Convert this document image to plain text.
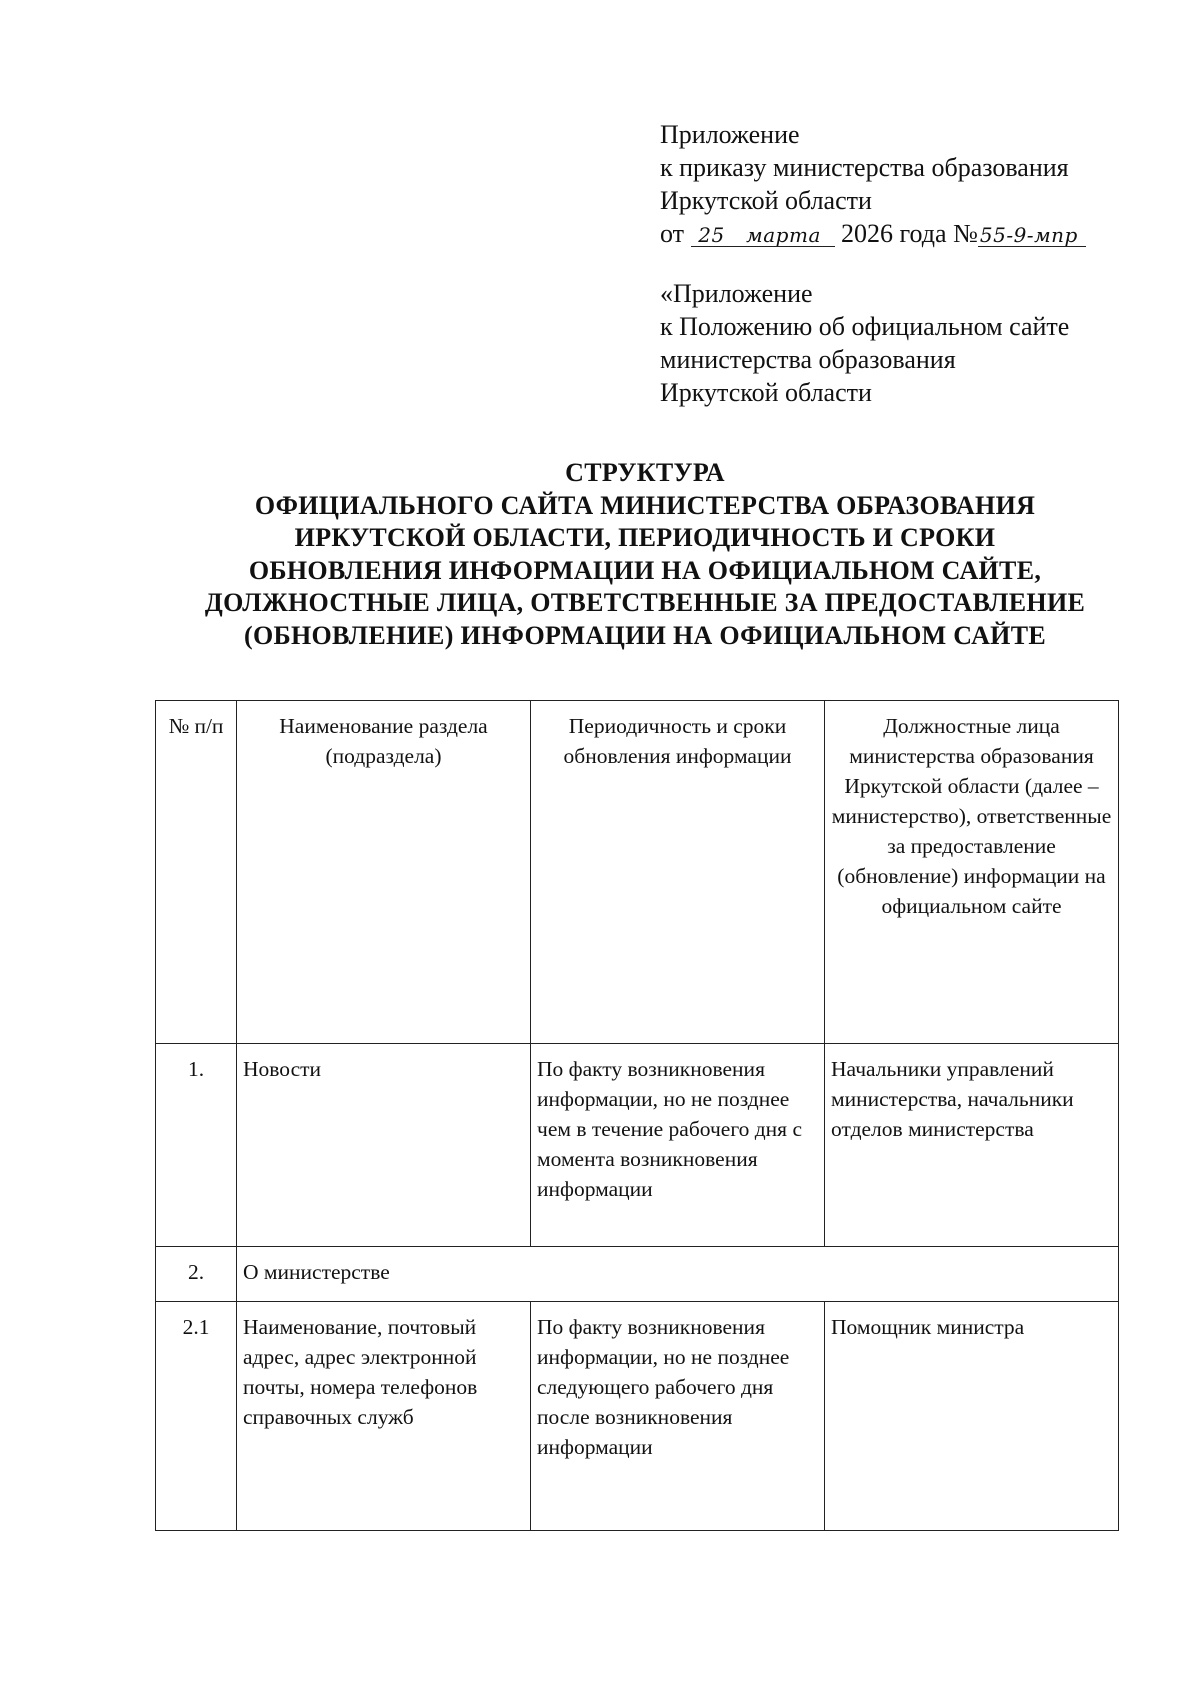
Приложение
к приказу министерства образования
Иркутской области
от 25 марта 2026 года № 55-9-мпр
«Приложение
к Положению об официальном сайте
министерства образования
Иркутской области
СТРУКТУРА
ОФИЦИАЛЬНОГО САЙТА МИНИСТЕРСТВА ОБРАЗОВАНИЯ
ИРКУТСКОЙ ОБЛАСТИ, ПЕРИОДИЧНОСТЬ И СРОКИ
ОБНОВЛЕНИЯ ИНФОРМАЦИИ НА ОФИЦИАЛЬНОМ САЙТЕ,
ДОЛЖНОСТНЫЕ ЛИЦА, ОТВЕТСТВЕННЫЕ ЗА ПРЕДОСТАВЛЕНИЕ
(ОБНОВЛЕНИЕ) ИНФОРМАЦИИ НА ОФИЦИАЛЬНОМ САЙТЕ
№ п/п	Наименование раздела (подраздела)	Периодичность и сроки обновления информации	Должностные лица министерства образования Иркутской области (далее – министерство), ответственные за предоставление (обновление) информации на официальном сайте
1.	Новости	По факту возникновения информации, но не позднее чем в течение рабочего дня с момента возникновения информации	Начальники управлений министерства, начальники отделов министерства
2.	О министерстве		
2.1	Наименование, почтовый адрес, адрес электронной почты, номера телефонов справочных служб	По факту возникновения информации, но не позднее следующего рабочего дня после возникновения информации	Помощник министра
